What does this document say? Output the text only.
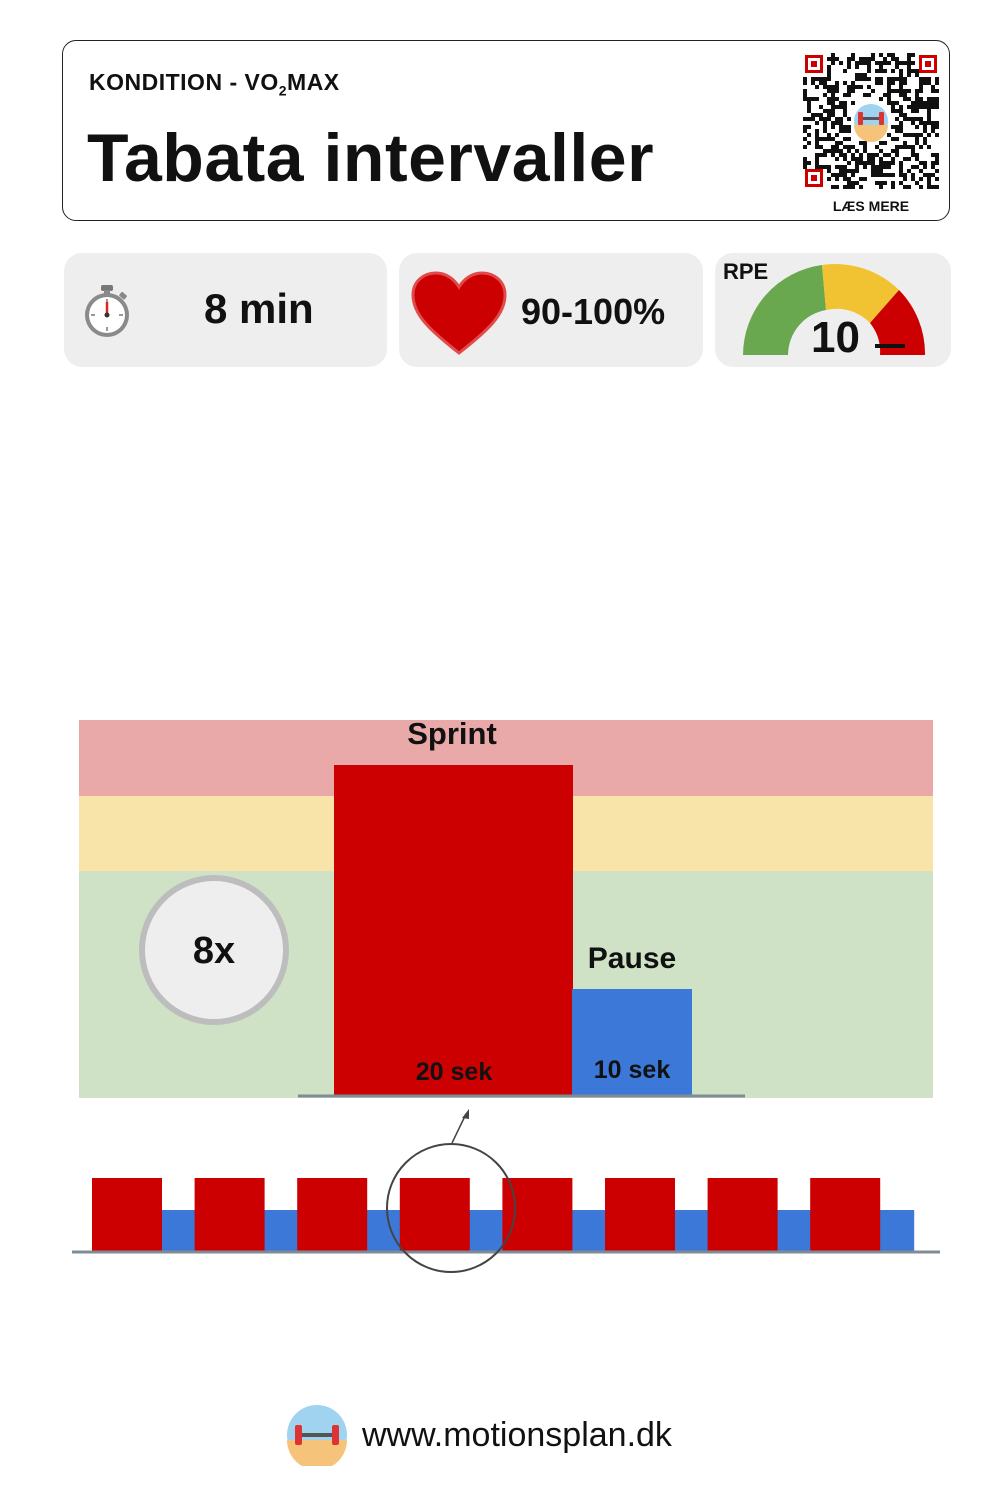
KONDITION - $VO_2MAX$
Tabata intervaller
LÆS MERE
8 min	90-100%
RPE
10
Sprint
Pause
20 sek	10 sek
8x
www.motionsplan.dk
